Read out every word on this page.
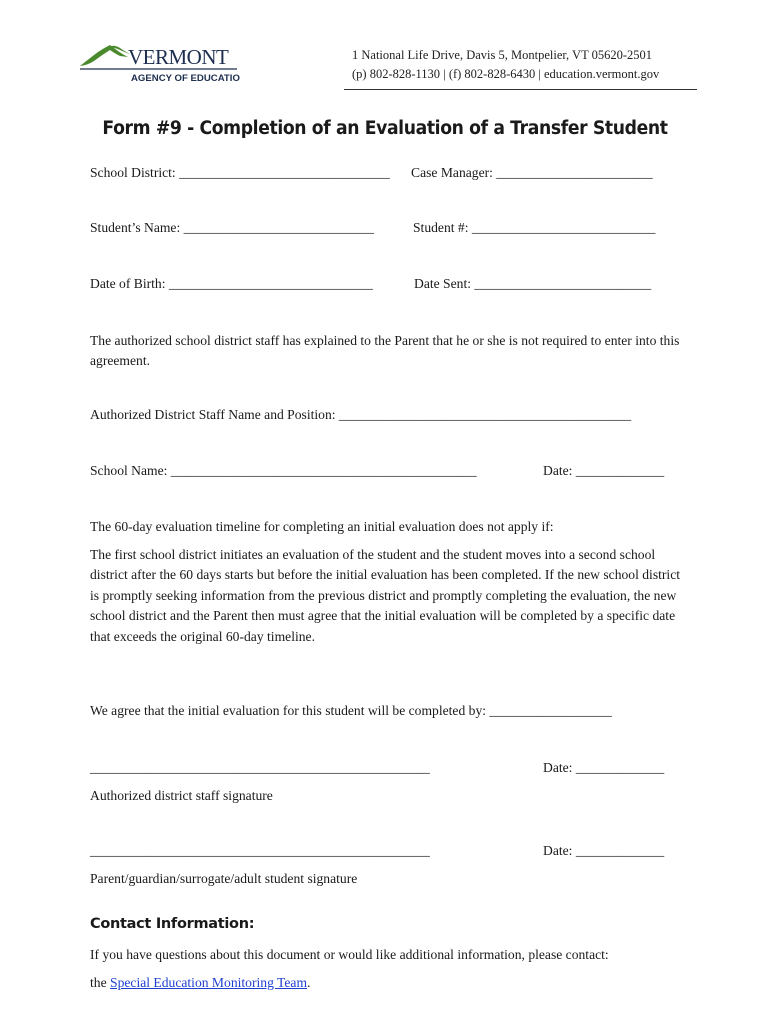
VERMONT
AGENCY OF EDUCATION
1 National Life Drive, Davis 5, Montpelier, VT 05620-2501
(p) 802-828-1130 | (f) 802-828-6430 | education.vermont.gov
Form #9 - Completion of an Evaluation of a Transfer Student
School District: _______________________________ Case Manager: _______________________
Student’s Name: ____________________________	Student #: ___________________________
Date of Birth: ______________________________	Date Sent: __________________________
The authorized school district staff has explained to the Parent that he or she is not required to enter into this agreement.
Authorized District Staff Name and Position: ___________________________________________
School Name: _____________________________________________	Date: _____________
The 60-day evaluation timeline for completing an initial evaluation does not apply if:
The first school district initiates an evaluation of the student and the student moves into a second school district after the 60 days starts but before the initial evaluation has been completed. If the new school district is promptly seeking information from the previous district and promptly completing the evaluation, the new school district and the Parent then must agree that the initial evaluation will be completed by a specific date that exceeds the original 60-day timeline.
We agree that the initial evaluation for this student will be completed by: __________________
__________________________________________________	Date: _____________
Authorized district staff signature
__________________________________________________	Date: _____________
Parent/guardian/surrogate/adult student signature
Contact Information:
If you have questions about this document or would like additional information, please contact:
the Special Education Monitoring Team.
